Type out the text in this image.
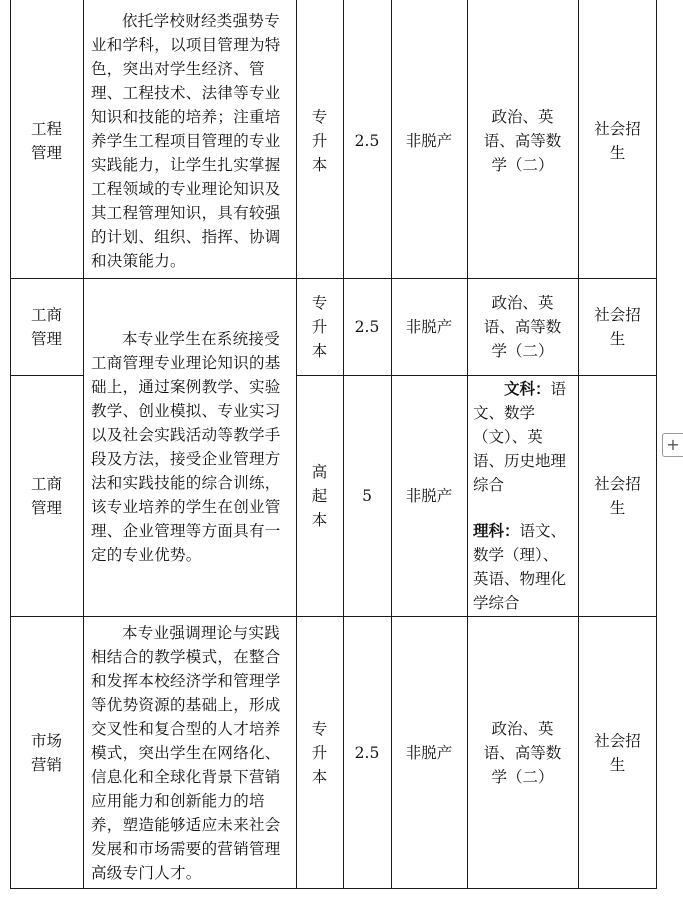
工程
管理
依托学校财经类强势专业和学科，以项目管理为特色，突出对学生经济、管理、工程技术、法律等专业知识和技能的培养；注重培养学生工程项目管理的专业实践能力，让学生扎实掌握工程领域的专业理论知识及其工程管理知识，具有较强的计划、组织、指挥、协调和决策能力。
专
升
本
2.5 非脱产
政治、英
语、高等数
学（二）
社会招
生
工商
管理
专
升
本
2.5 非脱产
政治、英
语、高等数
学（二）
社会招
生
本专业学生在系统接受工商管理专业理论知识的基础上，通过案例教学、实验教学、创业模拟、专业实习以及社会实践活动等教学手段及方法，接受企业管理方法和实践技能的综合训练，该专业培养的学生在创业管理、企业管理等方面具有一定的专业优势。
工商
管理
高
起
本
5 非脱产
文科：语文、数学（文）、英语、历史地理综合
理科：语文、数学（理）、英语、物理化学综合
社会招
生
市场
营销
本专业强调理论与实践相结合的教学模式，在整合和发挥本校经济学和管理学等优势资源的基础上，形成交叉性和复合型的人才培养模式，突出学生在网络化、信息化和全球化背景下营销应用能力和创新能力的培养，塑造能够适应未来社会发展和市场需要的营销管理高级专门人才。
专
升
本
2.5 非脱产
政治、英
语、高等数
学（二）
社会招
生
+
